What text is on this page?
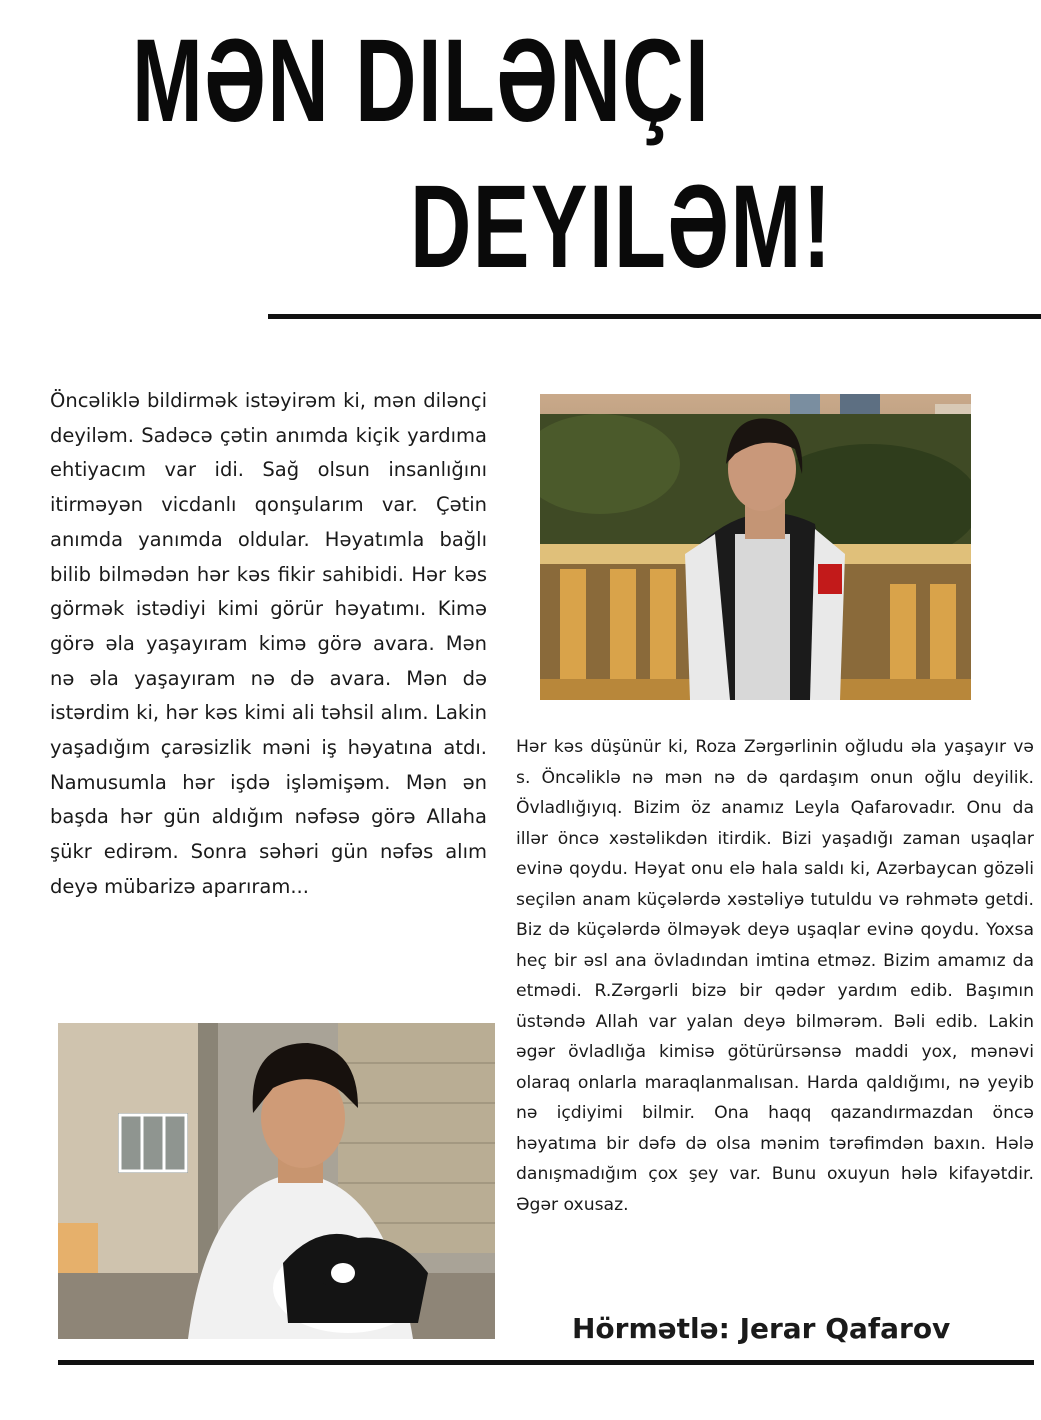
MƏN DILƏNÇI
DEYILƏM!

Öncəliklə bildirmək istəyirəm ki, mən dilənçi deyiləm. Sadəcə çətin anımda kiçik yardıma ehtiyacım var idi. Sağ olsun insanlığını itirməyən vicdanlı qonşularım var. Çətin anımda yanımda oldular. Həyatımla bağlı bilib bilmədən hər kəs fikir sahibidi. Hər kəs görmək istədiyi kimi görür həyatımı. Kimə görə əla yaşayıram kimə görə avara. Mən nə əla yaşayıram nə də avara. Mən də istərdim ki, hər kəs kimi ali təhsil alım. Lakin yaşadığım çarəsizlik məni iş həyatına atdı. Namusumla hər işdə işləmişəm. Mən ən başda hər gün aldığım nəfəsə görə Allaha şükr edirəm. Sonra səhəri gün nəfəs alım deyə mübarizə aparıram...

Hər kəs düşünür ki, Roza Zərgərlinin oğludu əla yaşayır və s. Öncəliklə nə mən nə də qardaşım onun oğlu deyilik. Övladlığıyıq. Bizim öz anamız Leyla Qafarovadır. Onu da illər öncə xəstəlikdən itirdik. Bizi yaşadığı zaman uşaqlar evinə qoydu. Həyat onu elə hala saldı ki, Azərbaycan gözəli seçilən anam küçələrdə xəstəliyə tutuldu və rəhmətə getdi. Biz də küçələrdə ölməyək deyə uşaqlar evinə qoydu. Yoxsa heç bir əsl ana övladından imtina etməz. Bizim amamız da etmədi. R.Zərgərli bizə bir qədər yardım edib. Başımın üstəndə Allah var yalan deyə bilmərəm. Bəli edib. Lakin əgər övladlığa kimisə götürürsənsə maddi yox, mənəvi olaraq onlarla maraqlanmalısan. Harda qaldığımı, nə yeyib nə içdiyimi bilmir. Ona haqq qazandırmazdan öncə həyatıma bir dəfə də olsa mənim tərəfimdən baxın. Hələ danışmadığım çox şey var. Bunu oxuyun hələ kifayətdir. Əgər oxusaz.

Hörmətlə: Jerar Qafarov
